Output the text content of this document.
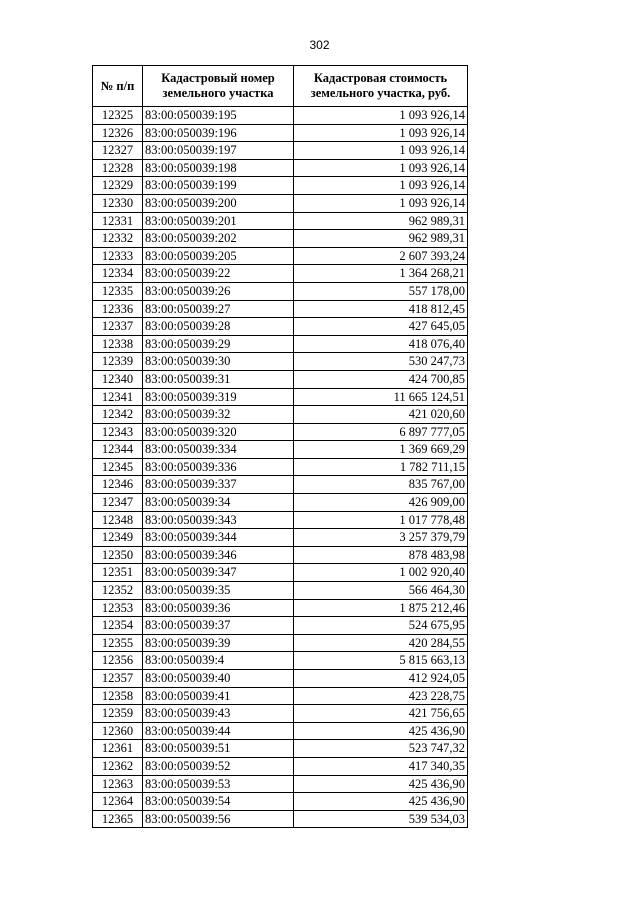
302
№ п/п	Кадастровый номер земельного участка	Кадастровая стоимость земельного участка, руб.
12325	83:00:050039:195	1 093 926,14
12326	83:00:050039:196	1 093 926,14
12327	83:00:050039:197	1 093 926,14
12328	83:00:050039:198	1 093 926,14
12329	83:00:050039:199	1 093 926,14
12330	83:00:050039:200	1 093 926,14
12331	83:00:050039:201	962 989,31
12332	83:00:050039:202	962 989,31
12333	83:00:050039:205	2 607 393,24
12334	83:00:050039:22	1 364 268,21
12335	83:00:050039:26	557 178,00
12336	83:00:050039:27	418 812,45
12337	83:00:050039:28	427 645,05
12338	83:00:050039:29	418 076,40
12339	83:00:050039:30	530 247,73
12340	83:00:050039:31	424 700,85
12341	83:00:050039:319	11 665 124,51
12342	83:00:050039:32	421 020,60
12343	83:00:050039:320	6 897 777,05
12344	83:00:050039:334	1 369 669,29
12345	83:00:050039:336	1 782 711,15
12346	83:00:050039:337	835 767,00
12347	83:00:050039:34	426 909,00
12348	83:00:050039:343	1 017 778,48
12349	83:00:050039:344	3 257 379,79
12350	83:00:050039:346	878 483,98
12351	83:00:050039:347	1 002 920,40
12352	83:00:050039:35	566 464,30
12353	83:00:050039:36	1 875 212,46
12354	83:00:050039:37	524 675,95
12355	83:00:050039:39	420 284,55
12356	83:00:050039:4	5 815 663,13
12357	83:00:050039:40	412 924,05
12358	83:00:050039:41	423 228,75
12359	83:00:050039:43	421 756,65
12360	83:00:050039:44	425 436,90
12361	83:00:050039:51	523 747,32
12362	83:00:050039:52	417 340,35
12363	83:00:050039:53	425 436,90
12364	83:00:050039:54	425 436,90
12365	83:00:050039:56	539 534,03
